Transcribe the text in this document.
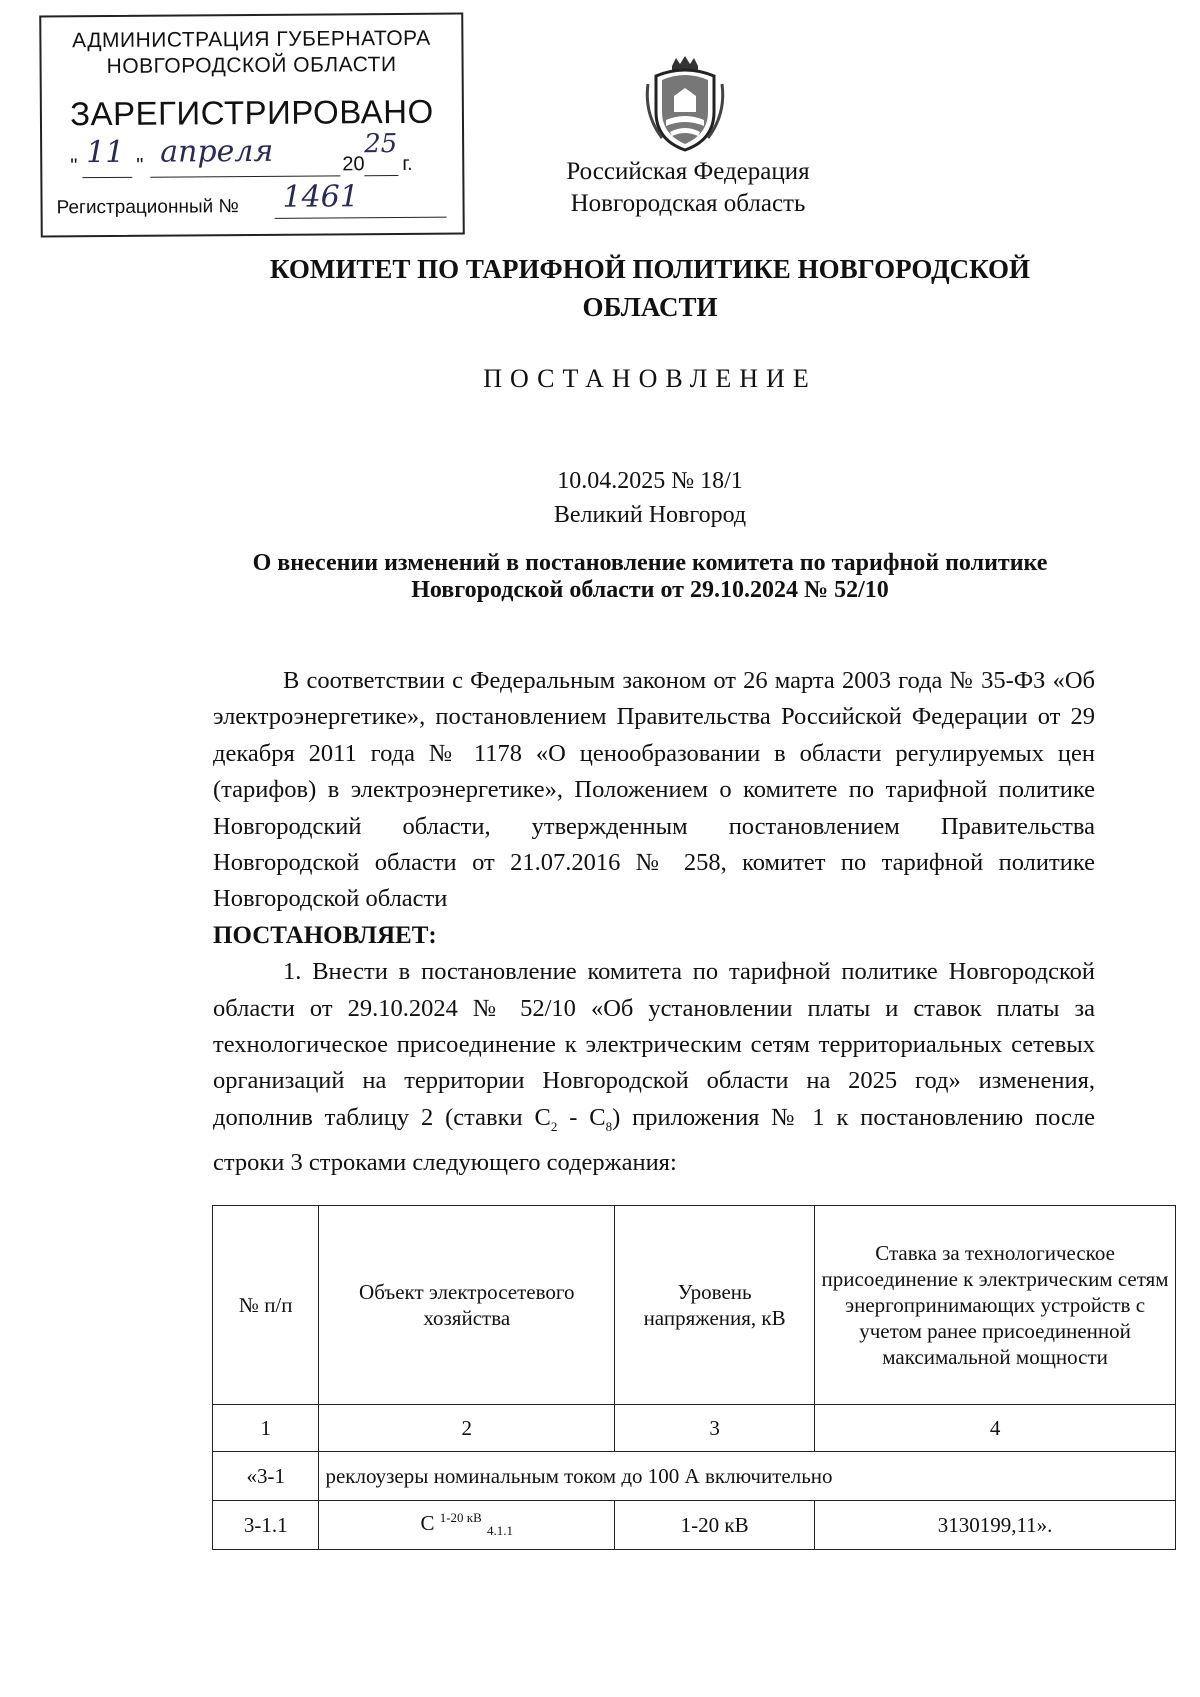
АДМИНИСТРАЦИЯ ГУБЕРНАТОРА
НОВГОРОДСКОЙ ОБЛАСТИ
ЗАРЕГИСТРИРОВАНО
" 11 " апреля	20
25
г.
Регистрационный № 1461
Российская Федерация
Новгородская область
КОМИТЕТ ПО ТАРИФНОЙ ПОЛИТИКЕ НОВГОРОДСКОЙ ОБЛАСТИ
ПОСТАНОВЛЕНИЕ
10.04.2025 № 18/1
Великий Новгород
О внесении изменений в постановление комитета по тарифной политике Новгородской области от 29.10.2024 № 52/10

В соответствии с Федеральным законом от 26 марта 2003 года № 35-ФЗ «Об электроэнергетике», постановлением Правительства Российской Федерации от 29 декабря 2011 года № 1178 «О ценообразовании в области регулируемых цен (тарифов) в электроэнергетике», Положением о комитете по тарифной политике Новгородский области, утвержденным постановлением Правительства Новгородской области от 21.07.2016 № 258, комитет по тарифной политике Новгородской области

ПОСТАНОВЛЯЕТ:

1. Внести в постановление комитета по тарифной политике Новгородской области от 29.10.2024 № 52/10 «Об установлении платы и ставок платы за технологическое присоединение к электрическим сетям территориальных сетевых организаций на территории Новгородской области на 2025 год» изменения, дополнив таблицу 2 (ставки $С_2 - С_8$) приложения № 1 к постановлению после строки 3 строками следующего содержания:

№ п/п	Объект электросетевого хозяйства	Уровень напряжения, кВ	Ставка за технологическое присоединение к электрическим сетям энергопринимающих устройств с учетом ранее присоединенной максимальной мощности
1	2	3	4
«3-1	реклоузеры номинальным током до 100 А включительно		
3-1.1	С $^{1-20 кВ}$ $_{4.1.1}$	1-20 кВ	3130199,11».
